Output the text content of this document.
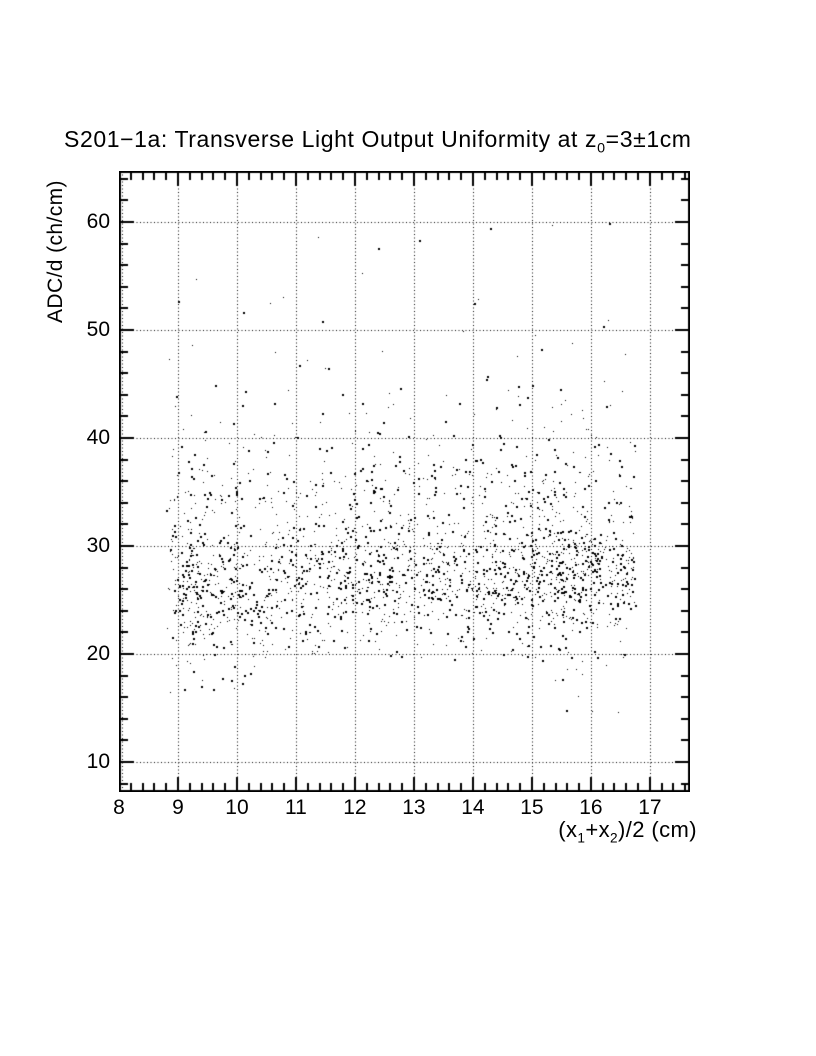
S201−1a: Transverse Light Output Uniformity at $z_0=3\pm 1cm$
ADC/d (ch/cm)
8	9	10	11	12	13	14	15	16	17
10
20
30
40
50
60
$(x_1+x_2)/2$ (cm)
